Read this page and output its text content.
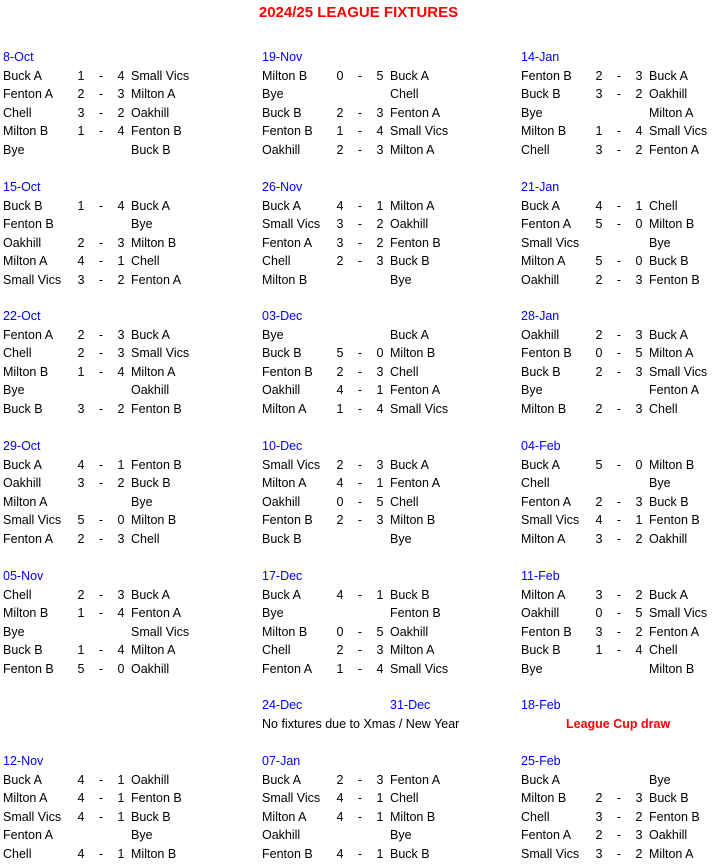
2024/25 LEAGUE FIXTURES
8-Oct
Buck A	1 - 4 Small Vics
Fenton A 2 - 3 Milton A
Chell	3 - 2 Oakhill
Milton B 1 - 4 Fenton B
Bye	Buck B
15-Oct
Buck B	1 - 4 Buck A
Fenton B	Bye
Oakhill	2 - 3 Milton B
Milton A 4 - 1 Chell
Small Vics 3 - 2 Fenton A
22-Oct
Fenton A 2 - 3 Buck A
Chell	2 - 3 Small Vics
Milton B 1 - 4 Milton A
Bye	Oakhill
Buck B	3 - 2 Fenton B
29-Oct
Buck A	4 - 1 Fenton B
Oakhill	3 - 2 Buck B
Milton A	Bye
Small Vics 5 - 0 Milton B
Fenton A 2 - 3 Chell
05-Nov
Chell	2 - 3 Buck A
Milton B 1 - 4 Fenton A
Bye	Small Vics
Buck B	1 - 4 Milton A
Fenton B 5 - 0 Oakhill
12-Nov
Buck A	4 - 1 Oakhill
Milton A 4 - 1 Fenton B
Small Vics 4 - 1 Buck B
Fenton A	Bye
Chell	4 - 1 Milton B
19-Nov
Milton B 0 - 5 Buck A
Bye	Chell
Buck B	2 - 3 Fenton A
Fenton B 1 - 4 Small Vics
Oakhill	2 - 3 Milton A
26-Nov
Buck A	4 - 1 Milton A
Small Vics 3 - 2 Oakhill
Fenton A 3 - 2 Fenton B
Chell	2 - 3 Buck B
Milton B	Bye
03-Dec
Bye	Buck A
Buck B	5 - 0 Milton B
Fenton B 2 - 3 Chell
Oakhill	4 - 1 Fenton A
Milton A 1 - 4 Small Vics
10-Dec
Small Vics 2 - 3 Buck A
Milton A 4 - 1 Fenton A
Oakhill	0 - 5 Chell
Fenton B 2 - 3 Milton B
Buck B	Bye
17-Dec
Buck A	4 - 1 Buck B
Bye	Fenton B
Milton B 0 - 5 Oakhill
Chell	2 - 3 Milton A
Fenton A 1 - 4 Small Vics
07-Jan
Buck A	2 - 3 Fenton A
Small Vics 4 - 1 Chell
Milton A 4 - 1 Milton B
Oakhill	Bye
Fenton B 4 - 1 Buck B
14-Jan
Fenton B 2 - 3 Buck A
Buck B	3 - 2 Oakhill
Bye	Milton A
Milton B 1 - 4 Small Vics
Chell	3 - 2 Fenton A
21-Jan
Buck A	4 - 1 Chell
Fenton A 5 - 0 Milton B
Small Vics	Bye
Milton A 5 - 0 Buck B
Oakhill	2 - 3 Fenton B
28-Jan
Oakhill	2 - 3 Buck A
Fenton B 0 - 5 Milton A
Buck B	2 - 3 Small Vics
Bye	Fenton A
Milton B 2 - 3 Chell
04-Feb
Buck A	5 - 0 Milton B
Chell	Bye
Fenton A 2 - 3 Buck B
Small Vics 4 - 1 Fenton B
Milton A 3 - 2 Oakhill
11-Feb
Milton A 3 - 2 Buck A
Oakhill	0 - 5 Small Vics
Fenton B 3 - 2 Fenton A
Buck B	1 - 4 Chell
Bye	Milton B
25-Feb
Buck A	Bye
Milton B 2 - 3 Buck B
Chell	3 - 2 Fenton B
Fenton A 2 - 3 Oakhill
Small Vics 3 - 2 Milton A
24-Dec	31-Dec
No fixtures due to Xmas / New Year
18-Feb
League Cup draw
